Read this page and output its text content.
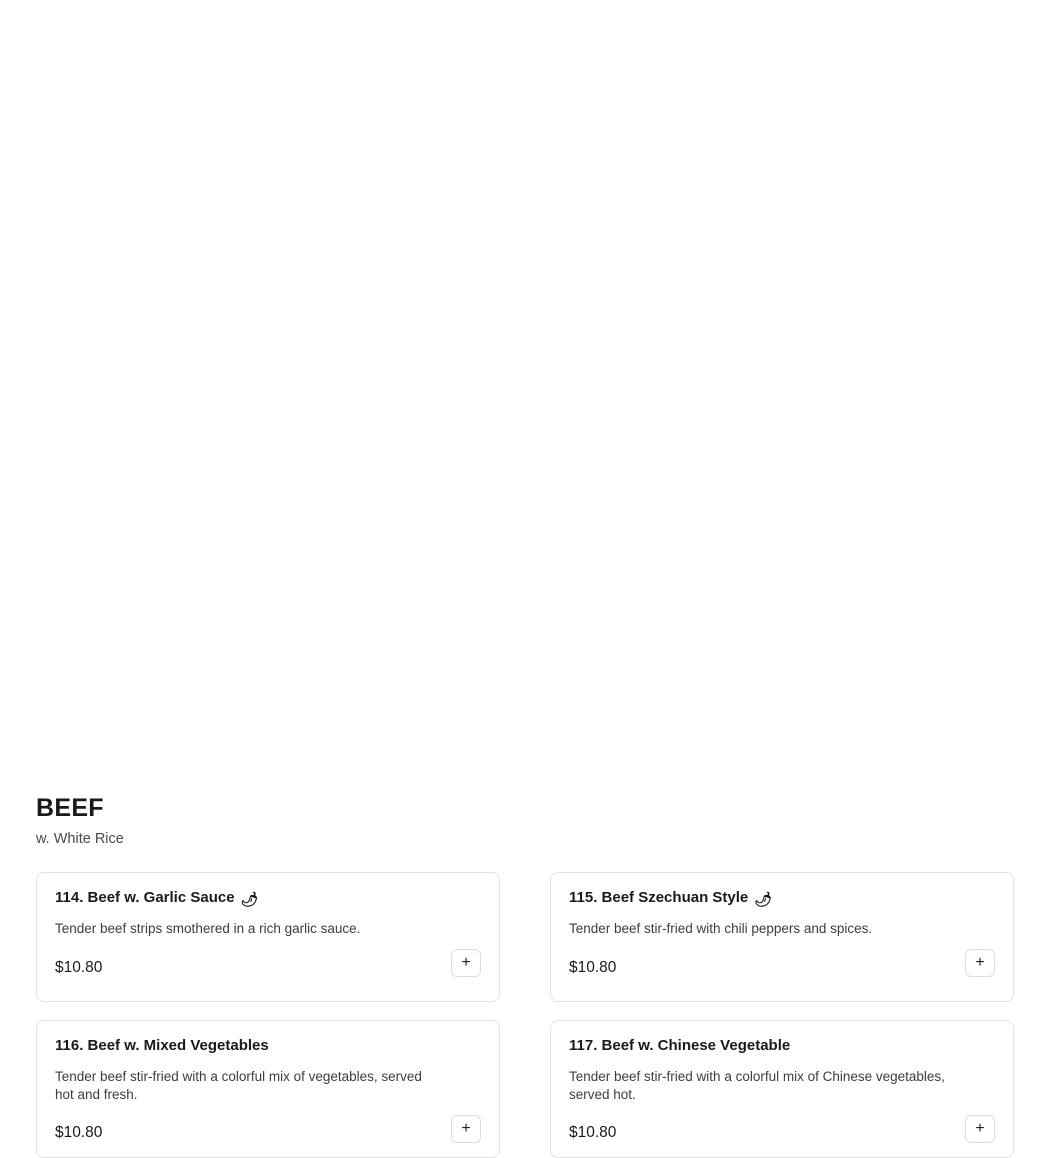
BEEF

w. White Rice

114. Beef w. Garlic Sauce 🌶

Tender beef strips smothered in a rich garlic sauce.

$10.80	+
115. Beef Szechuan Style 🌶

Tender beef stir-fried with chili peppers and spices.

$10.80	+
116. Beef w. Mixed Vegetables

Tender beef stir-fried with a colorful mix of vegetables, served hot and fresh.

$10.80	+
117. Beef w. Chinese Vegetable

Tender beef stir-fried with a colorful mix of Chinese vegetables, served hot.

$10.80	+
